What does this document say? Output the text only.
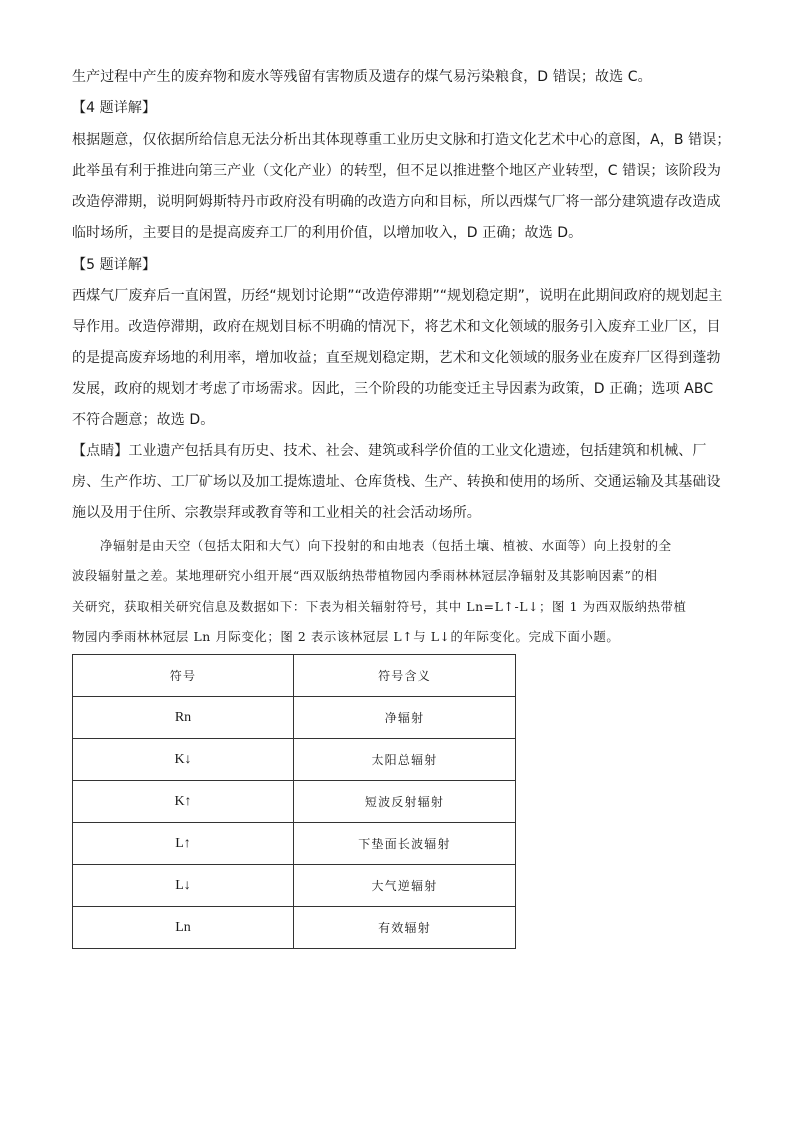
生产过程中产生的废弃物和废水等残留有害物质及遗存的煤气易污染粮食，D 错误；故选 C。
【4 题详解】
根据题意，仅依据所给信息无法分析出其体现尊重工业历史文脉和打造文化艺术中心的意图，A，B 错误；
此举虽有利于推进向第三产业（文化产业）的转型，但不足以推进整个地区产业转型，C 错误；该阶段为
改造停滞期，说明阿姆斯特丹市政府没有明确的改造方向和目标，所以西煤气厂将一部分建筑遗存改造成
临时场所，主要目的是提高废弃工厂的利用价值，以增加收入，D 正确；故选 D。
【5 题详解】
西煤气厂废弃后一直闲置，历经“规划讨论期”“改造停滞期”“规划稳定期”，说明在此期间政府的规划起主
导作用。改造停滞期，政府在规划目标不明确的情况下，将艺术和文化领域的服务引入废弃工业厂区，目
的是提高废弃场地的利用率，增加收益；直至规划稳定期，艺术和文化领域的服务业在废弃厂区得到蓬勃
发展，政府的规划才考虑了市场需求。因此，三个阶段的功能变迁主导因素为政策，D 正确；选项 ABC
不符合题意；故选 D。
【点睛】工业遗产包括具有历史、技术、社会、建筑或科学价值的工业文化遗迹，包括建筑和机械、厂
房、生产作坊、工厂矿场以及加工提炼遗址、仓库货栈、生产、转换和使用的场所、交通运输及其基础设
施以及用于住所、宗教崇拜或教育等和工业相关的社会活动场所。
净辐射是由天空（包括太阳和大气）向下投射的和由地表（包括土壤、植被、水面等）向上投射的全
波段辐射量之差。某地理研究小组开展“西双版纳热带植物园内季雨林林冠层净辐射及其影响因素”的相
关研究，获取相关研究信息及数据如下：下表为相关辐射符号，其中 Ln=L↑-L↓；图 1 为西双版纳热带植
物园内季雨林林冠层 Ln 月际变化；图 2 表示该林冠层 L↑与 L↓的年际变化。完成下面小题。
符号	符号含义
Rn	净辐射
K↓	太阳总辐射
K↑	短波反射辐射
L↑	下垫面长波辐射
L↓	大气逆辐射
Ln	有效辐射
